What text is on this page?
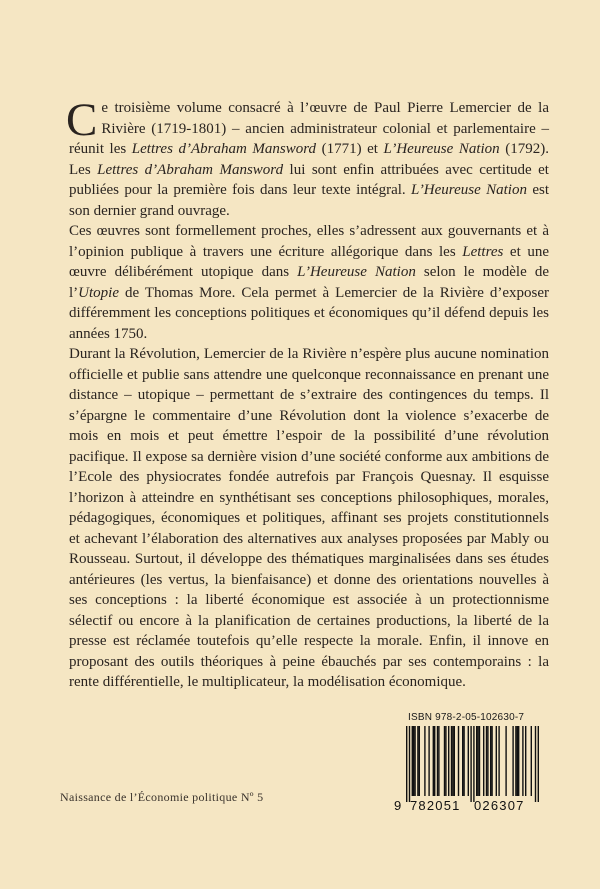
Ce troisième volume consacré à l’œuvre de Paul Pierre Lemercier de la Rivière (1719-1801) – ancien administrateur colonial et parlementaire – réunit les Lettres d’Abraham Mansword (1771) et L’Heureuse Nation (1792). Les Lettres d’Abraham Mansword lui sont enfin attribuées avec certitude et publiées pour la première fois dans leur texte intégral. L’Heureuse Nation est son dernier grand ouvrage.

Ces œuvres sont formellement proches, elles s’adressent aux gouvernants et à l’opinion publique à travers une écriture allégorique dans les Lettres et une œuvre délibérément utopique dans L’Heureuse Nation selon le modèle de l’Utopie de Thomas More. Cela permet à Lemercier de la Rivière d’exposer différemment les conceptions politiques et économiques qu’il défend depuis les années 1750.

Durant la Révolution, Lemercier de la Rivière n’espère plus aucune nomination officielle et publie sans attendre une quelconque reconnaissance en prenant une distance – utopique – permettant de s’extraire des contingences du temps. Il s’épargne le commentaire d’une Révolution dont la violence s’exacerbe de mois en mois et peut émettre l’espoir de la possibilité d’une révolution pacifique. Il expose sa dernière vision d’une société conforme aux ambitions de l’Ecole des physiocrates fondée autrefois par François Quesnay. Il esquisse l’horizon à atteindre en synthétisant ses conceptions philosophiques, morales, pédagogiques, économiques et politiques, affinant ses projets constitutionnels et achevant l’élaboration des alternatives aux analyses proposées par Mably ou Rousseau. Surtout, il développe des thématiques marginalisées dans ses études antérieures (les vertus, la bienfaisance) et donne des orientations nouvelles à ses conceptions : la liberté économique est associée à un protectionnisme sélectif ou encore à la planification de certaines productions, la liberté de la presse est réclamée toutefois qu’elle respecte la morale. Enfin, il innove en proposant des outils théoriques à peine ébauchés par ses contemporains : la rente différentielle, le multiplicateur, la modélisation économique.

Naissance de l’Économie politique Nº 5
ISBN 978-2-05-102630-7
9 782051 026307
